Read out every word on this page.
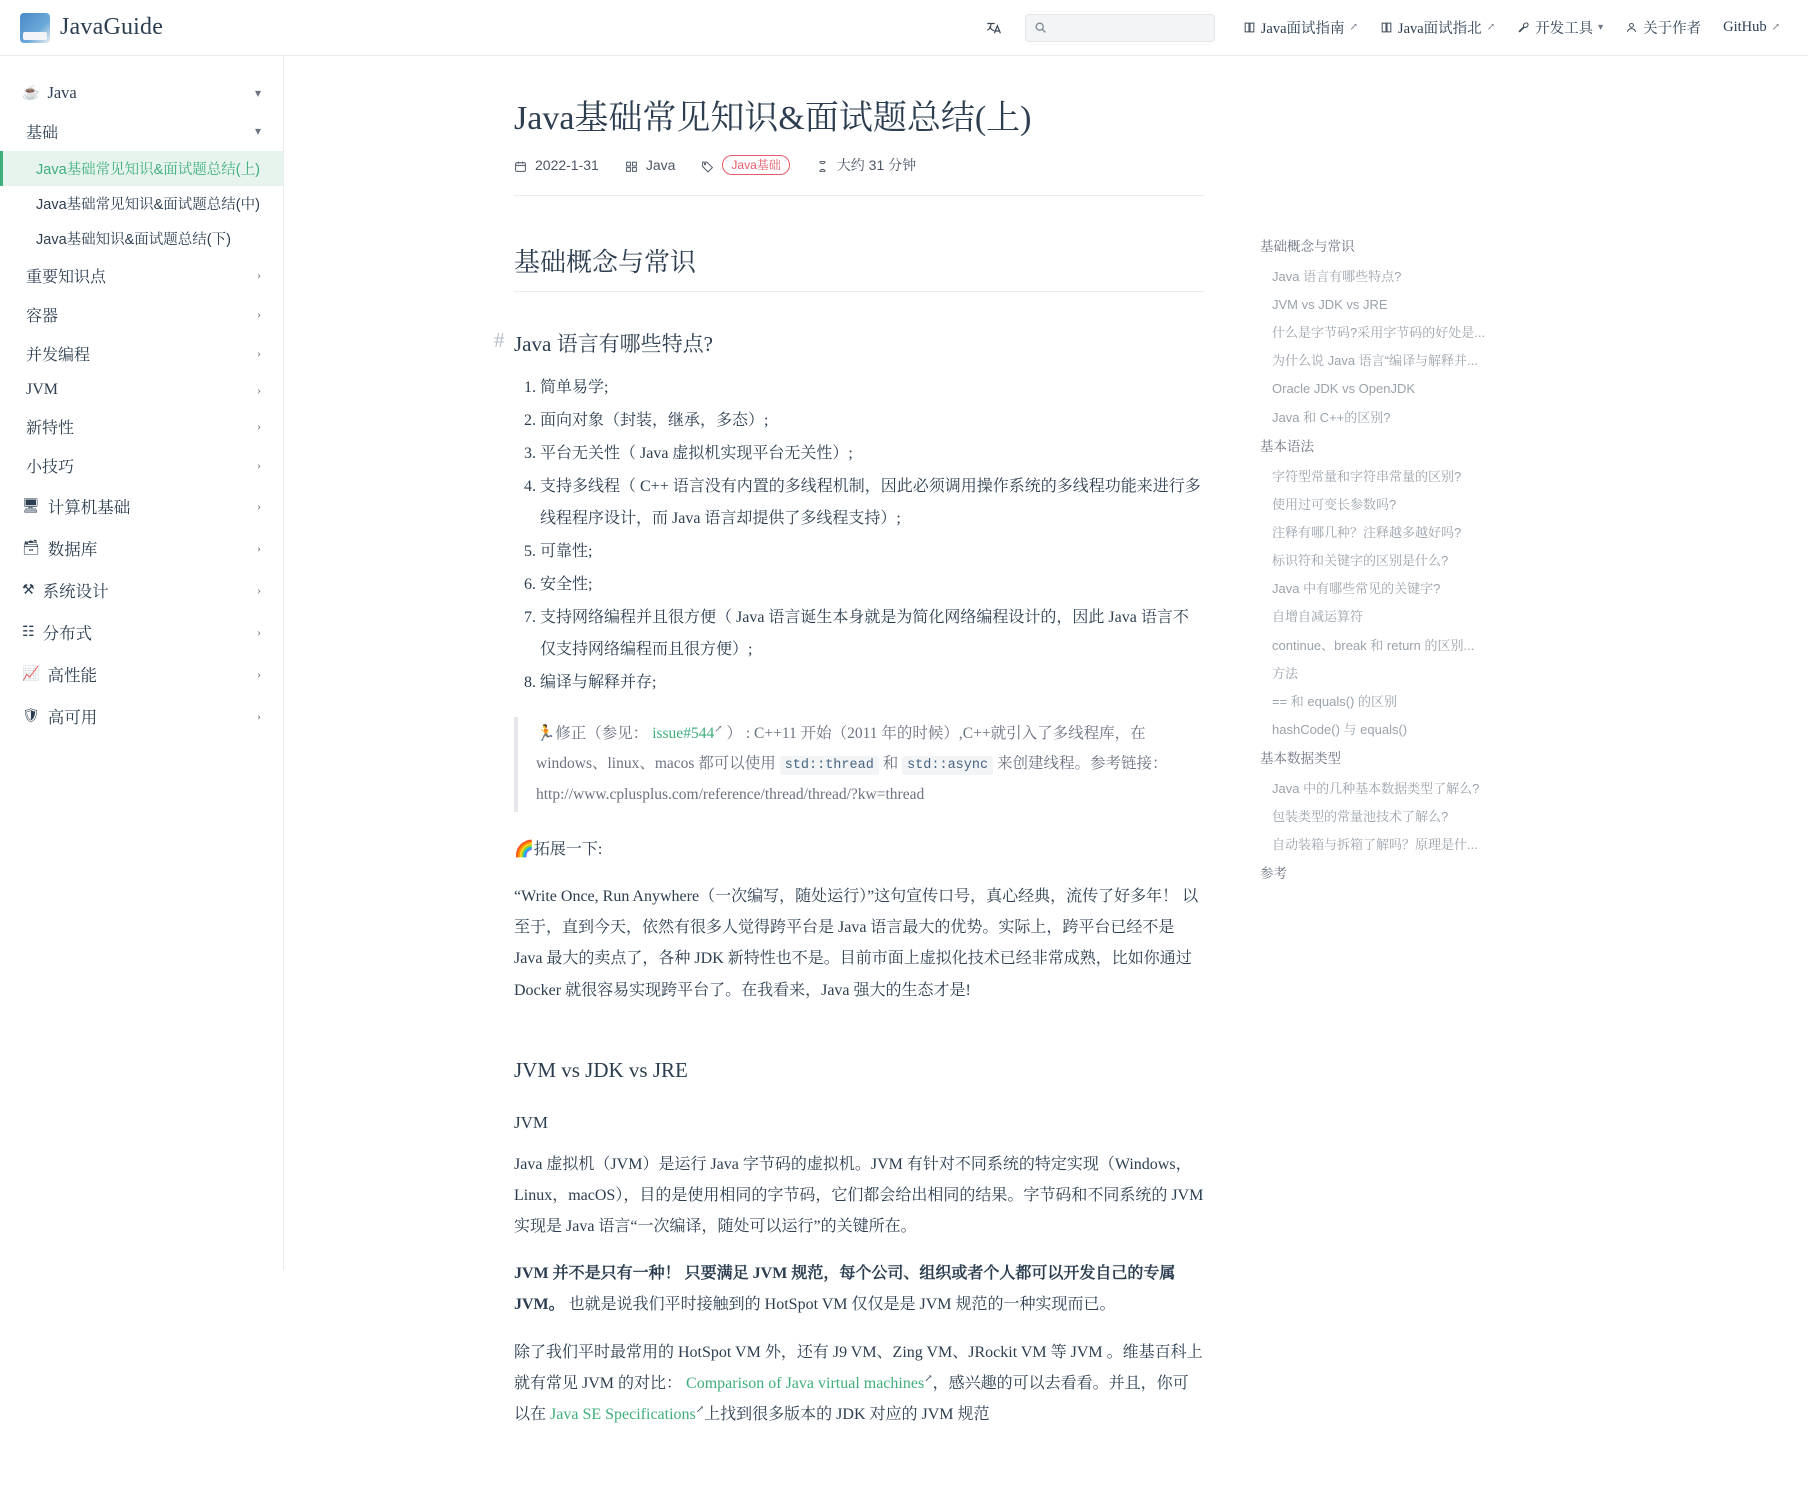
JavaGuide	Java面试指南 ↗	Java面试指北 ↗	开发工具 ▾	关于作者 GitHub ↗
☕ Java	▾
基础	▾
Java基础常见知识&面试题总结(上)
Java基础常见知识&面试题总结(中)
Java基础知识&面试题总结(下)
重要知识点	›
容器	›
并发编程	›
JVM	›
新特性	›
小技巧	›
🖥 计算机基础	›
🗃 数据库	›
⚒ 系统设计	›
☷ 分布式	›
📈 高性能	›
🛡 高可用	›
Java基础常见知识&面试题总结(上)
2022-1-31	Java	Java基础	大约 31 分钟
基础概念与常识
# Java 语言有哪些特点?
1. 简单易学;
2. 面向对象（封装，继承，多态）;
3. 平台无关性（ Java 虚拟机实现平台无关性）;
4. 支持多线程（ C++ 语言没有内置的多线程机制，因此必须调用操作系统的多线程功能来进行多线程程序设计，而 Java 语言却提供了多线程支持）;
5. 可靠性;
6. 安全性;
7. 支持网络编程并且很方便（ Java 语言诞生本身就是为简化网络编程设计的，因此 Java 语言不仅支持网络编程而且很方便）;
8. 编译与解释并存;
🏃修正（参见： issue#544↗ ） : C++11 开始（2011 年的时候）,C++就引入了多线程库，在 windows、linux、macos 都可以使用 std::thread 和 std::async 来创建线程。参考链接： http://www.cplusplus.com/reference/thread/thread/?kw=thread

🌈拓展一下:

“Write Once, Run Anywhere（一次编写，随处运行）”这句宣传口号，真心经典，流传了好多年！ 以至于，直到今天，依然有很多人觉得跨平台是 Java 语言最大的优势。实际上，跨平台已经不是 Java 最大的卖点了，各种 JDK 新特性也不是。目前市面上虚拟化技术已经非常成熟，比如你通过 Docker 就很容易实现跨平台了。在我看来，Java 强大的生态才是!

JVM vs JDK vs JRE
JVM

Java 虚拟机（JVM）是运行 Java 字节码的虚拟机。JVM 有针对不同系统的特定实现（Windows，Linux，macOS），目的是使用相同的字节码，它们都会给出相同的结果。字节码和不同系统的 JVM 实现是 Java 语言“一次编译，随处可以运行”的关键所在。

JVM 并不是只有一种！ 只要满足 JVM 规范，每个公司、组织或者个人都可以开发自己的专属 JVM。 也就是说我们平时接触到的 HotSpot VM 仅仅是是 JVM 规范的一种实现而已。

除了我们平时最常用的 HotSpot VM 外，还有 J9 VM、Zing VM、JRockit VM 等 JVM 。维基百科上就有常见 JVM 的对比： Comparison of Java virtual machines↗，感兴趣的可以去看看。并且，你可以在 Java SE Specifications↗上找到很多版本的 JDK 对应的 JVM 规范

基础概念与常识
Java 语言有哪些特点?
JVM vs JDK vs JRE
什么是字节码?采用字节码的好处是...
为什么说 Java 语言“编译与解释并...
Oracle JDK vs OpenJDK
Java 和 C++的区别?
基本语法
字符型常量和字符串常量的区别?
使用过可变长参数吗?
注释有哪几种？注释越多越好吗?
标识符和关键字的区别是什么?
Java 中有哪些常见的关键字?
自增自减运算符
continue、break 和 return 的区别...
方法
== 和 equals() 的区别
hashCode() 与 equals()
基本数据类型
Java 中的几种基本数据类型了解么?
包装类型的常量池技术了解么?
自动装箱与拆箱了解吗？原理是什...
参考
